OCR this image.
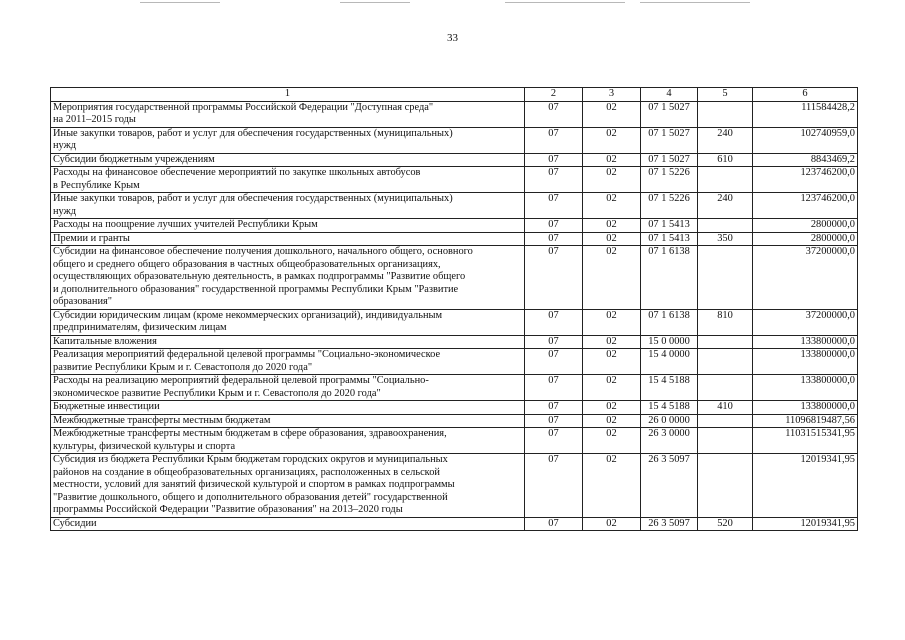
33
1	2	3	4	5	6

Мероприятия государственной программы Российской Федерации "Доступная среда"
на 2011–2015 годы	07	02	07 1 5027		111584428,2

Иные закупки товаров, работ и услуг для обеспечения государственных (муниципальных)
нужд	07	02	07 1 5027	240	102740959,0

Субсидии бюджетным учреждениям	07	02	07 1 5027	610	8843469,2

Расходы на финансовое обеспечение мероприятий по закупке школьных автобусов
в Республике Крым	07	02	07 1 5226		123746200,0

Иные закупки товаров, работ и услуг для обеспечения государственных (муниципальных)
нужд	07	02	07 1 5226	240	123746200,0

Расходы на поощрение лучших учителей Республики Крым	07	02	07 1 5413		2800000,0

Премии и гранты	07	02	07 1 5413	350	2800000,0

Субсидии на финансовое обеспечение получения дошкольного, начального общего, основного
общего и среднего общего образования в частных общеобразовательных организациях,
осуществляющих образовательную деятельность, в рамках подпрограммы "Развитие общего
и дополнительного образования" государственной программы Республики Крым "Развитие
образования"	07	02	07 1 6138		37200000,0

Субсидии юридическим лицам (кроме некоммерческих организаций), индивидуальным
предпринимателям, физическим лицам	07	02	07 1 6138	810	37200000,0

Капитальные вложения	07	02	15 0 0000		133800000,0

Реализация мероприятий федеральной целевой программы "Социально-экономическое
развитие Республики Крым и г. Севастополя до 2020 года"	07	02	15 4 0000		133800000,0

Расходы на реализацию мероприятий федеральной целевой программы "Социально-
экономическое развитие Республики Крым и г. Севастополя до 2020 года"	07	02	15 4 5188		133800000,0

Бюджетные инвестиции	07	02	15 4 5188	410	133800000,0

Межбюджетные трансферты местным бюджетам	07	02	26 0 0000		11096819487,56

Межбюджетные трансферты местным бюджетам в сфере образования, здравоохранения,
культуры, физической культуры и спорта	07	02	26 3 0000		11031515341,95

Субсидия из бюджета Республики Крым бюджетам городских округов и муниципальных
районов на создание в общеобразовательных организациях, расположенных в сельской
местности, условий для занятий физической культурой и спортом в рамках подпрограммы
"Развитие дошкольного, общего и дополнительного образования детей" государственной
программы Российской Федерации "Развитие образования" на 2013–2020 годы	07	02	26 3 5097		12019341,95

Субсидии	07	02	26 3 5097	520	12019341,95
